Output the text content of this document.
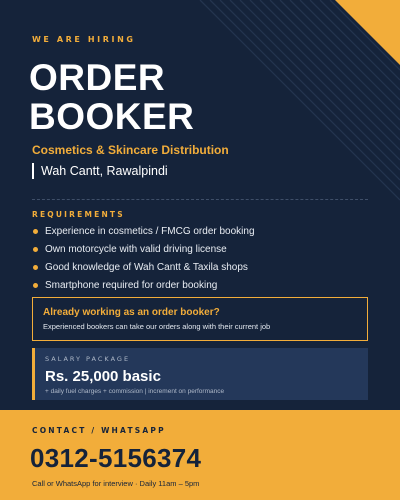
WE ARE HIRING
ORDER
BOOKER
Cosmetics & Skincare Distribution
Wah Cantt, Rawalpindi
REQUIREMENTS
Experience in cosmetics / FMCG order booking
Own motorcycle with valid driving license
Good knowledge of Wah Cantt & Taxila shops
Smartphone required for order booking
Already working as an order booker?
Experienced bookers can take our orders along with their current job
SALARY PACKAGE
Rs. 25,000 basic
+ daily fuel charges + commission | increment on performance
CONTACT / WHATSAPP
0312-5156374
Call or WhatsApp for interview · Daily 11am – 5pm
